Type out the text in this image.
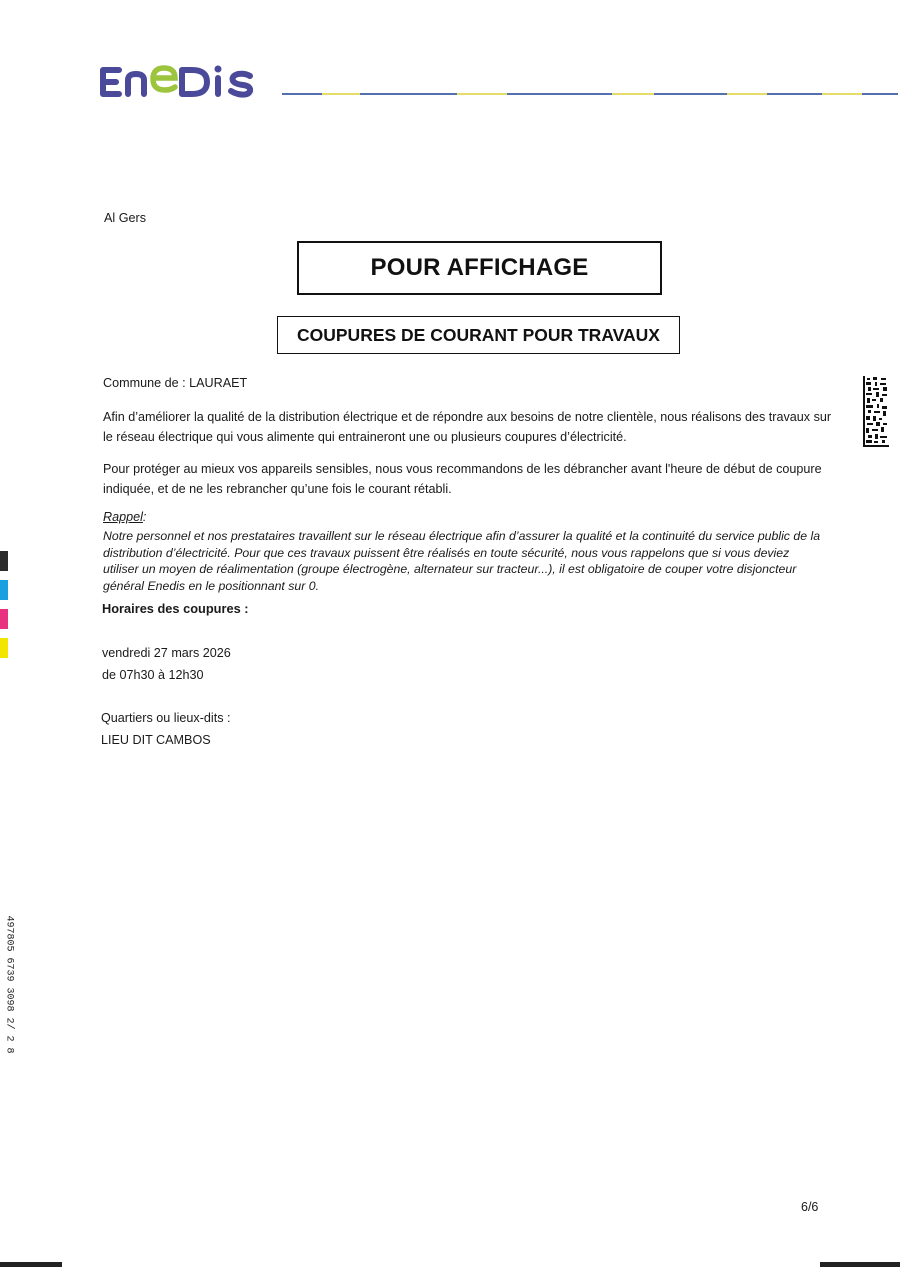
Al Gers
POUR AFFICHAGE
COUPURES DE COURANT POUR TRAVAUX
Commune de : LAURAET
Afin d’améliorer la qualité de la distribution électrique et de répondre aux besoins de notre clientèle, nous réalisons des travaux sur le réseau électrique qui vous alimente qui entraineront une ou plusieurs coupures d’électricité.
Pour protéger au mieux vos appareils sensibles, nous vous recommandons de les débrancher avant l'heure de début de coupure indiquée, et de ne les rebrancher qu’une fois le courant rétabli.
Rappel:
Notre personnel et nos prestataires travaillent sur le réseau électrique afin d’assurer la qualité et la continuité du service public de la distribution d’électricité. Pour que ces travaux puissent être réalisés en toute sécurité, nous vous rappelons que si vous deviez utiliser un moyen de réalimentation (groupe électrogène, alternateur sur tracteur...), il est obligatoire de couper votre disjoncteur général Enedis en le positionnant sur 0.
Horaires des coupures :
vendredi 27 mars 2026
de 07h30 à 12h30
Quartiers ou lieux-dits :
LIEU DIT CAMBOS
6/6
497805 6739 3098 2/ 2 8
